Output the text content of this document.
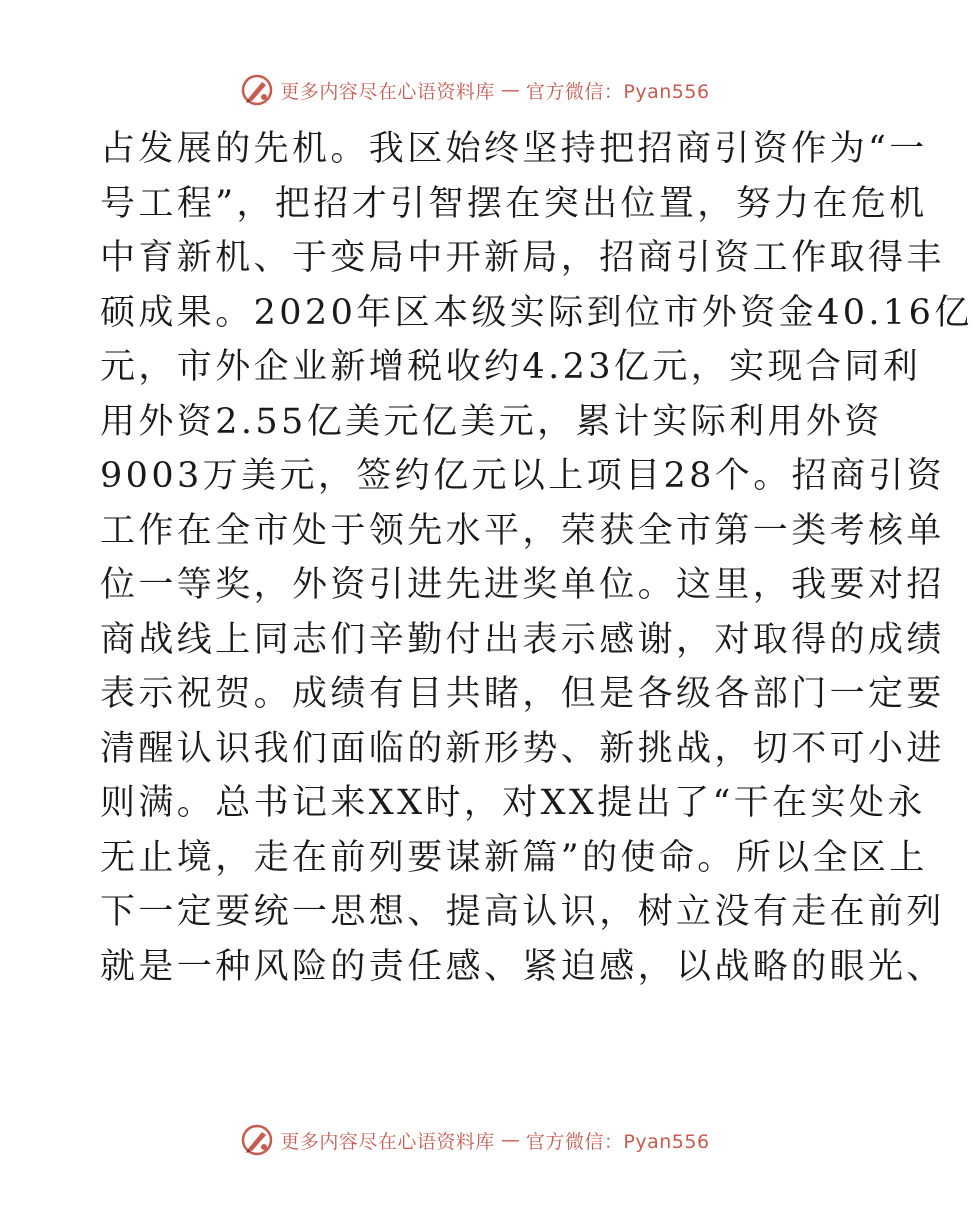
更多内容尽在心语资料库 — 官方微信：Pyan556
占发展的先机。我区始终坚持把招商引资作为“一
号工程”，把招才引智摆在突出位置，努力在危机
中育新机、于变局中开新局，招商引资工作取得丰
硕成果。2020年区本级实际到位市外资金40.16亿
元，市外企业新增税收约4.23亿元，实现合同利
用外资2.55亿美元亿美元，累计实际利用外资
9003万美元，签约亿元以上项目28个。招商引资
工作在全市处于领先水平，荣获全市第一类考核单
位一等奖，外资引进先进奖单位。这里，我要对招
商战线上同志们辛勤付出表示感谢，对取得的成绩
表示祝贺。成绩有目共睹，但是各级各部门一定要
清醒认识我们面临的新形势、新挑战，切不可小进
则满。总书记来XX时，对XX提出了“干在实处永
无止境，走在前列要谋新篇”的使命。所以全区上
下一定要统一思想、提高认识，树立没有走在前列
就是一种风险的责任感、紧迫感，以战略的眼光、
更多内容尽在心语资料库 — 官方微信：Pyan556
